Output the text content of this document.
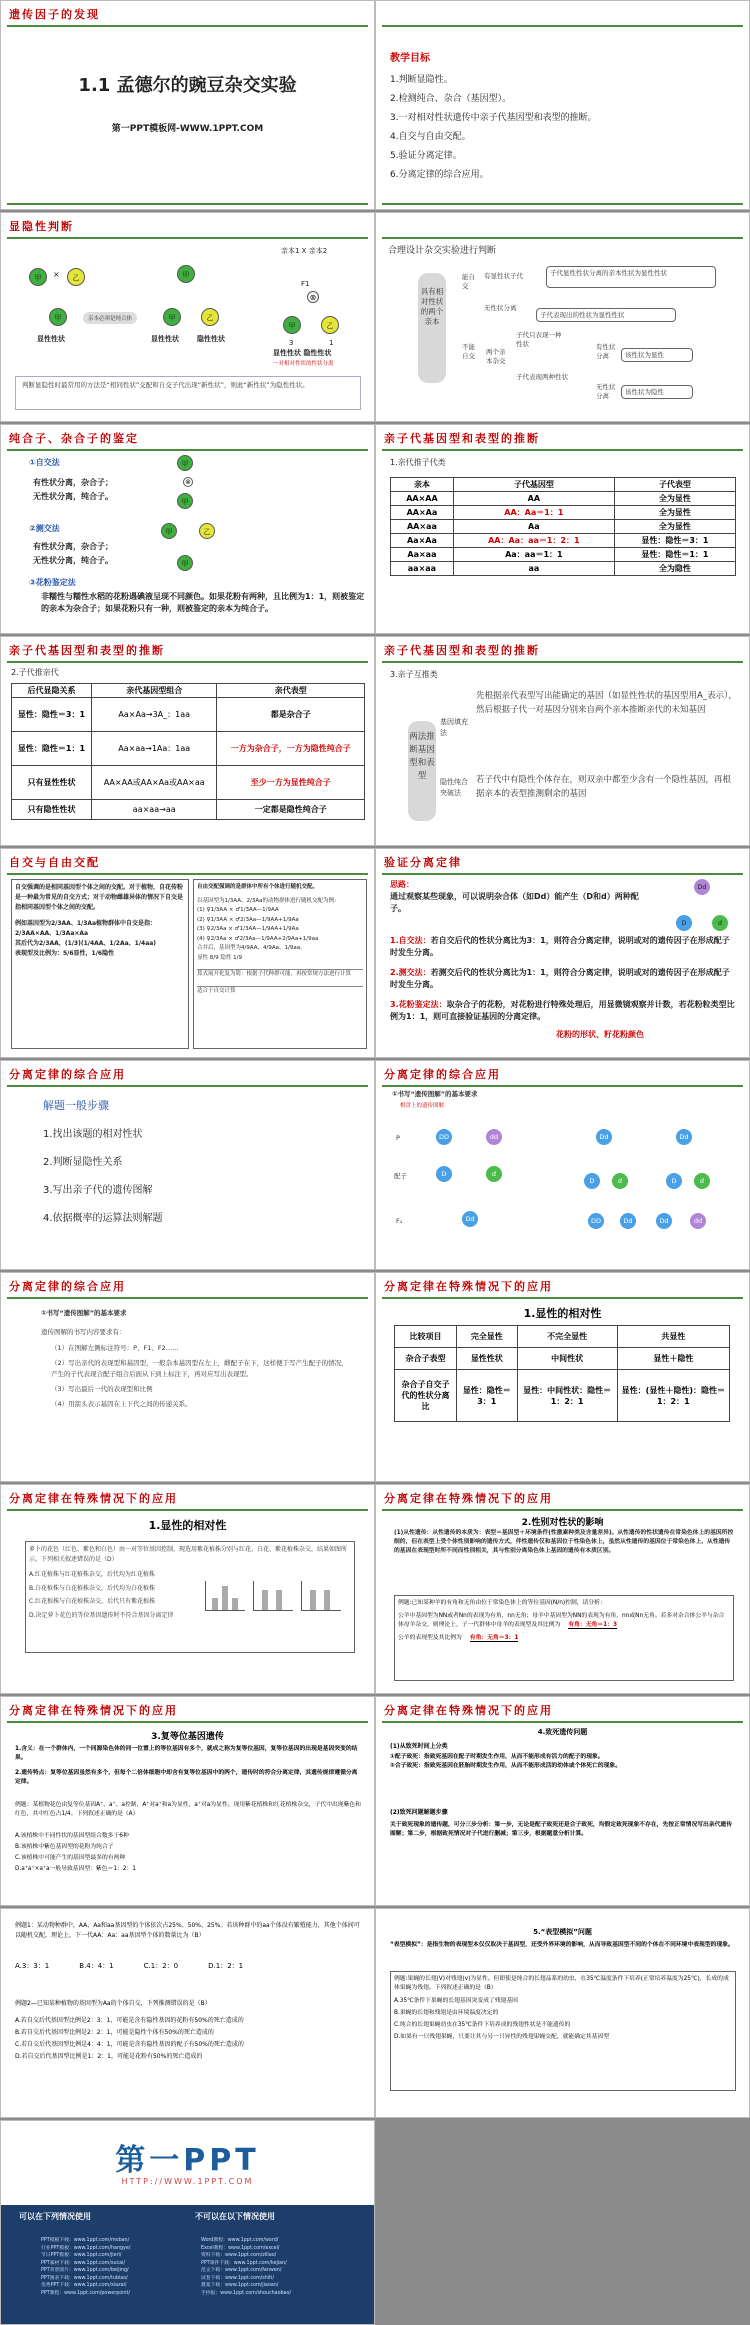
遗传因子的发现
1.1 孟德尔的豌豆杂交实验
第一PPT模板网-WWW.1PPT.COM
教学目标
1.判断显隐性。
2.检测纯合、杂合（基因型）。
3.一对相对性状遗传中亲子代基因型和表型的推断。
4.自交与自由交配。
5.验证分离定律。
6.分离定律的综合应用。
显隐性判断
甲	×	乙
甲	亲本必须是纯合体
显性性状
甲
甲	乙
显性性状	隐性性状
亲本1 X 亲本2
F1
⊗
甲	乙
3	1
显性性状 隐性性状
一对相对性状的性状分离
判断显隐性时最常用的方法是“相同性状”交配和自交子代出现“新性状”，则此“新性状”为隐性性状。
合理设计杂交实验进行判断
具有相对性状的两个亲本
不能自交
能自交
有显性状子代	子代显性性状分离的亲本性状为显性性状
无性状分离
子代表现出的性状为显性性状
两个亲本杂交
子代只表现一种性状
子代表现两种性状
有性状分离	该性状为显性
无性状分离	该性状为隐性
纯合子、杂合子的鉴定
①自交法
有性状分离，杂合子；
无性状分离，纯合子。
甲
⊗
甲
②测交法
有性状分离，杂合子；
无性状分离，纯合子。
甲	乙
甲
③花粉鉴定法
非糯性与糯性水稻的花粉遇碘液呈现不同颜色。如果花粉有两种，且比例为1：1，则被鉴定的亲本为杂合子；如果花粉只有一种，则被鉴定的亲本为纯合子。
亲子代基因型和表型的推断
1.亲代推子代类
亲本	子代基因型	子代表型
AA×AA	AA	全为显性
AA×Aa	AA：Aa＝1：1	全为显性
AA×aa	Aa	全为显性
Aa×Aa	AA：Aa：aa＝1：2：1	显性：隐性＝3：1
Aa×aa	Aa：aa＝1：1	显性：隐性＝1：1
aa×aa	aa	全为隐性
亲子代基因型和表型的推断
2.子代推亲代
后代显隐关系	亲代基因型组合	亲代表型
显性：隐性＝3：1	Aa×Aa→3A_：1aa	都是杂合子
显性：隐性＝1：1	Aa×aa→1Aa：1aa	一方为杂合子，一方为隐性纯合子
只有显性性状	AA×AA或AA×Aa或AA×aa	至少一方为显性纯合子
只有隐性性状	aa×aa→aa	一定都是隐性纯合子
亲子代基因型和表型的推断
3.亲子互推类
两法推断基因型和表型
基因填充法
隐性纯合突破法
先根据亲代表型写出能确定的基因（如显性性状的基因型用A_表示），然后根据子代一对基因分别来自两个亲本推断亲代的未知基因
若子代中有隐性个体存在，则双亲中都至少含有一个隐性基因，再根据亲本的表型推测剩余的基因
自交与自由交配
自交强调的是相同基因型个体之间的交配。对于植物，自花传粉是一种最为常见的自交方式；对于动物雌雄异体的情况下自交是指相同基因型个体之间的交配。
例如基因型为2/3AA、1/3Aa植物群体中自交是指：
2/3AA×AA、1/3Aa×Aa
其后代为2/3AA，(1/3)(1/4AA、1/2Aa、1/4aa)
表现型及比例为：5/6显性，1/6隐性
自由交配强调的是群体中所有个体进行随机交配。
以基因型为1/3AA、2/3Aa的动物群体进行随机交配为例：
(1) ♀1/3AA × ♂1/3AA—1/9AA
(2) ♀1/3AA × ♂2/3Aa—1/9AA+1/9Aa
(3) ♀2/3Aa × ♂1/3AA—1/9AA+1/9Aa
(4) ♀2/3Aa × ♂2/3Aa—1/9AA+2/9Aa+1/9aa
合并后，基因型为4/9AA、4/9Aa、1/9aa。
显性 8/9 隐性 1/9
算式展开化复为简：根据子代种群可能，再按常规方法进行计算
适合于自交计算
验证分离定律
思路：
通过观察某些现象，可以说明杂合体（如Dd）能产生（D和d）两种配子。
Dd
D	d
1.自交法：若自交后代的性状分离比为3：1，则符合分离定律，说明或对的遗传因子在形成配子时发生分离。
2.测交法：若测交后代的性状分离比为1：1，则符合分离定律，说明或对的遗传因子在形成配子时发生分离。
3.花粉鉴定法：取杂合子的花粉，对花粉进行特殊处理后，用显微镜观察并计数，若花粉粒类型比例为1：1，则可直接验证基因的分离定律。
花粉的形状、籽花粉颜色
分离定律的综合应用
解题一般步骤
1.找出该题的相对性状
2.判断显隐性关系
3.写出亲子代的遗传图解
4.依据概率的运算法则解题
分离定律的综合应用
①书写“遗传图解”的基本要求
棋盘上的遗传图解
P
配子
F₁
DD	dd
D	d
Dd
Dd	Dd
D	d	D	d
DD	Dd	Dd	dd
分离定律的综合应用
①书写“遗传图解”的基本要求
遗传图解的书写内容要求有：
（1）在图解左侧标注符号：P、F1、F2……
（2）写出亲代的表现型和基因型，一般杂本基因型在左上，雌配子在下，这样便于写产生配子的情况，产生的子代表现合配子组合后面从下到上标注下，再对应写出表现型。
（3）写出最后一代的表现型和比例
（4）用箭头表示基因在上下代之间的传递关系。
分离定律在特殊情况下的应用
1.显性的相对性
比较项目	完全显性	不完全显性	共显性
杂合子表型	显性性状	中间性状	显性＋隐性
杂合子自交子代的性状分离比	显性：隐性＝3：1	显性：中间性状：隐性＝1：2：1	显性：(显性＋隐性)：隐性＝1：2：1
分离定律在特殊情况下的应用
1.显性的相对性
萝卜的花色（红色、紫色和白色）由一对等位基因控制，现选用紫花植株分别与红花、白花、紫花植株杂交，结果如图所示。下列相关叙述错误的是（D）
A.红花植株与红花植株杂交，后代均为红花植株
B.白花植株与白花植株杂交，后代均为白花植株
C.红花植株与白花植株杂交，后代只有紫花植株
D.决定萝卜花色的等位基因遗传时不符合基因分离定律
分离定律在特殊情况下的应用
2.性别对性状的影响
(1)从性遗传：从性遗传的本质为：表型＝基因型＋环境条件(性激素种类及含量差异)。从性遗传的性状遗传在常染色体上的基因所控制的，但在表型上受个体性别影响的遗传方式，伴性遗传仅和基因位于性染色体上，虽然从性遗传的基因位于常染色体上，从性遗传的基因在表现型时所不同而性别相关，其与性别分离染色体上基因的遗传有本质区别。
例题:已知某种羊的有角和无角由位于常染色体上的等位基因(N/n)控制，请分析：
公羊中基因型为NN或者Nn的表现为有角，nn无角；母羊中基因型为NN的表现为有角，nn或Nn无角。若多对杂合体公羊与杂合体母羊杂交，则理论上，子一代群体中母羊的表现型及其比例为 有角：无角＝1：3
公羊的表现型及其比例为 有角：无角＝3：1
分离定律在特殊情况下的应用
3.复等位基因遗传
1.含义：在一个群体内，一个同源染色体的同一位置上的等位基因有多个，就成之称为复等位基因，复等位基因的出现是基因突变的结果。
2.遗传特点：复等位基因虽然有多个，但每个二倍体细胞中却含有复等位基因中的两个，遗传时的符合分离定律，其遗传规律遵循分离定律。
例题：某植物花色由复等位基因A⁺、a⁺、a控制，A⁺对a⁺和a为显性，a⁺对a为显性。现用紫花植株和红花植株杂交，子代中出现紫色和红色，其中红色占1/4。下列叙述正确的是（A）
A.该植株中不同性状的基因型组合数多于6种
B.该植株中紫色基因型的花粉为纯合子
C.该植株中可能产生的基因型最多的有两种
D.a⁺a⁺×a⁺a一般导致基因型：紫色＝1：2：1
分离定律在特殊情况下的应用
4.致死遗传问题
(1)从致死时间上分类
①配子致死：指致死基因在配子时期发生作用，从而不能形成有活力的配子的现象。
②合子致死：指致死基因在胚胎时期发生作用，从而不能形成活的幼体或个体死亡的现象。
(2)致死问题解题步骤
关于致死现象的遗传题，可分三步分析：第一步，无论是配子致死还是合子致死，均假定致死现象不存在，先按正常情况写出亲代遗传图解；第二步，根据致死情况对子代进行删减；第三步，根据题意分析计算。
例题1：某动物种群中，AA、Aa和aa基因型的个体依次占25%、50%、25%。若该种群中的aa个体没有繁殖能力，其他个体间可以随机交配，理论上，下一代AA：Aa：aa基因型个体的数量比为（B）
A.3：3：1	B.4：4：1	C.1：2：0	D.1：2：1
例题2—已知某种植物的基因型为Aa的个体自交，下列推测错误的是（B）
A.若自交后代基因型比例是2：3：1，可能是含有隐性基因的花粉有50%的死亡造成的
B.若自交后代基因型比例是2：2：1，可能是隐性个体有50%的死亡造成的
C.若自交后代基因型比例是4：4：1，可能是含有隐性基因的配子有50%的死亡造成的
D.若自交后代基因型比例是1：2：1，可能是花粉有50%的死亡造成的
5.“表型模拟”问题
“表型模拟”：是指生物的表现型本仅仅取决于基因型，还受外界环境的影响，从而导致基因型不同的个体在不同环境中表现型的现象。
例题:果蝇的长翅(V)对残翅(v)为显性。但即使是纯合的长翅品系的幼虫，在35℃温度条件下培养(正常培养温度为25℃)，长成的成体果蝇为残翅。下列叙述正确的是（B）
A.35℃条件下果蝇的长翅基因突变成了残翅基因
B.果蝇的长翅和残翅是由环境温度决定的
C.纯合的长翅果蝇幼虫在35℃条件下培养成的残翅性状是不能遗传的
D.如果有一只残翅果蝇，只要让其与另一只异性的残翅果蝇交配，就能确定其基因型
第一PPT
HTTP://WWW.1PPT.COM
可以在下列情况使用	不可以在以下情况使用
PPT模板下载：www.1ppt.com/moban/
行业PPT模板：www.1ppt.com/hangye/
节日PPT模板：www.1ppt.com/jieri/
PPT素材下载：www.1ppt.com/sucai/
PPT背景图片：www.1ppt.com/beijing/
PPT图表下载：www.1ppt.com/tubiao/
优秀PPT下载：www.1ppt.com/xiazai/
PPT教程：www.1ppt.com/powerpoint/
Word教程：www.1ppt.com/word/
Excel教程：www.1ppt.com/excel/
资料下载：www.1ppt.com/ziliao/
PPT课件下载：www.1ppt.com/kejian/
范文下载：www.1ppt.com/fanwen/
试卷下载：www.1ppt.com/shiti/
教案下载：www.1ppt.com/jiaoan/
手抄报：www.1ppt.com/shouchaobao/
